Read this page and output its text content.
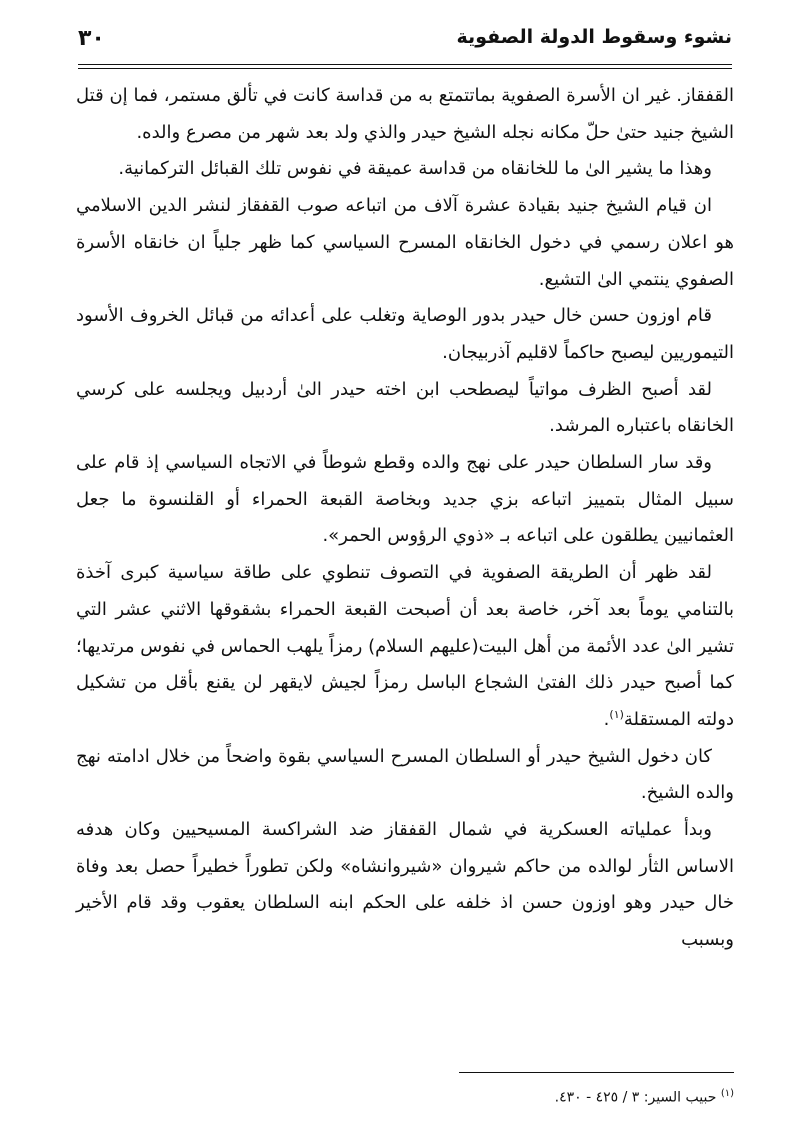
نشوء وسقوط الدولة الصفوية
٣٠

القفقاز. غير ان الأسرة الصفوية بماتتمتع به من قداسة كانت في تألق مستمر، فما إن قتل الشيخ جنيد حتىٰ حلّ مكانه نجله الشيخ حيدر والذي ولد بعد شهر من مصرع والده.

وهذا ما يشير الىٰ ما للخانقاه من قداسة عميقة في نفوس تلك القبائل التركمانية.

ان قيام الشيخ جنيد بقيادة عشرة آلاف من اتباعه صوب القفقاز لنشر الدين الاسلامي هو اعلان رسمي في دخول الخانقاه المسرح السياسي كما ظهر جلياً ان خانقاه الأسرة الصفوي ينتمي الىٰ التشيع.

قام اوزون حسن خال حيدر بدور الوصاية وتغلب على أعدائه من قبائل الخروف الأسود التيموريين ليصبح حاكماً لاقليم آذربيجان.

لقد أصبح الظرف مواتياً ليصطحب ابن اخته حيدر الىٰ أردبيل ويجلسه على كرسي الخانقاه باعتباره المرشد.

وقد سار السلطان حيدر على نهج والده وقطع شوطاً في الاتجاه السياسي إذ قام على سبيل المثال بتمييز اتباعه بزي جديد وبخاصة القبعة الحمراء أو القلنسوة ما جعل العثمانيين يطلقون على اتباعه بـ «ذوي الرؤوس الحمر».

لقد ظهر أن الطريقة الصفوية في التصوف تنطوي على طاقة سياسية كبرى آخذة بالتنامي يوماً بعد آخر، خاصة بعد أن أصبحت القبعة الحمراء بشقوقها الاثني عشر التي تشير الىٰ عدد الأئمة من أهل البيت(عليهم السلام) رمزاً يلهب الحماس في نفوس مرتديها؛ كما أصبح حيدر ذلك الفتىٰ الشجاع الباسل رمزاً لجيش لايقهر لن يقنع بأقل من تشكيل دولته المستقلة$^{(١)}$.

كان دخول الشيخ حيدر أو السلطان المسرح السياسي بقوة واضحاً من خلال ادامته نهج والده الشيخ.

وبدأ عملياته العسكرية في شمال القفقاز ضد الشراكسة المسيحيين وكان هدفه الاساس الثأر لوالده من حاكم شيروان «شيروانشاه» ولكن تطوراً خطيراً حصل بعد وفاة خال حيدر وهو اوزون حسن اذ خلفه على الحكم ابنه السلطان يعقوب وقد قام الأخير وبسبب

$^{(١)}$ حبيب السير: ٣ / ٤٢٥ - ٤٣٠.
